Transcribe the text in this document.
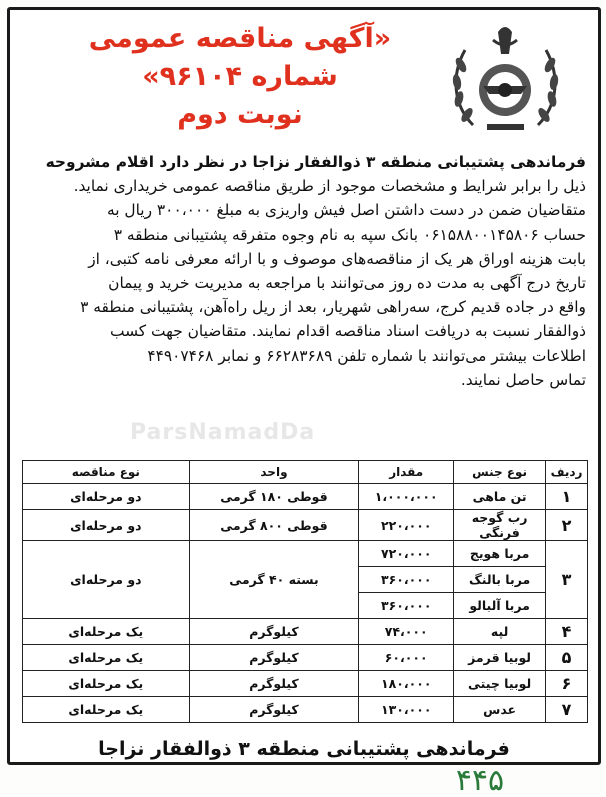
«آگهی مناقصه عمومی
شماره ۹۶۱۰۴»
نوبت دوم
ParsNamadDa
فرماندهی پشتیبانی منطقه ۳ ذوالفقار نزاجا در نظر دارد اقلام مشروحه
ذیل را برابر شرایط و مشخصات موجود از طریق مناقصه عمومی خریداری نماید.
متقاضیان ضمن در دست داشتن اصل فیش واریزی به مبلغ ۳۰۰،۰۰۰ ریال به
حساب ۰۶۱۵۸۸۰۰۱۴۵۸۰۶ بانک سپه به نام وجوه متفرقه پشتیبانی منطقه ۳
بابت هزینه اوراق هر یک از مناقصه‌های موصوف و با ارائه معرفی نامه کتبی، از
تاریخ درج آگهی به مدت ده روز می‌توانند با مراجعه به مدیریت خرید و پیمان
واقع در جاده قدیم کرج، سه‌راهی شهریار، بعد از ریل راه‌آهن، پشتیبانی منطقه ۳
ذوالفقار نسبت به دریافت اسناد مناقصه اقدام نمایند. متقاضیان جهت کسب
اطلاعات بیشتر می‌توانند با شماره تلفن ۶۶۲۸۳۶۸۹ و نمابر ۴۴۹۰۷۴۶۸
تماس حاصل نمایند.
ردیف	نوع جنس	مقدار	واحد	نوع مناقصه
۱	تن ماهی	۱،۰۰۰،۰۰۰	قوطی ۱۸۰ گرمی	دو مرحله‌ای
۲	رب گوجه فرنگی	۲۲۰،۰۰۰	قوطی ۸۰۰ گرمی	دو مرحله‌ای
۳	مربا هویج	۷۲۰،۰۰۰	بسته ۴۰ گرمی	دو مرحله‌ای
	مربا بالنگ	۳۶۰،۰۰۰		
	مربا آلبالو	۳۶۰،۰۰۰		
۴	لپه	۷۴،۰۰۰	کیلوگرم	یک مرحله‌ای
۵	لوبیا قرمز	۶۰،۰۰۰	کیلوگرم	یک مرحله‌ای
۶	لوبیا چیتی	۱۸۰،۰۰۰	کیلوگرم	یک مرحله‌ای
۷	عدس	۱۳۰،۰۰۰	کیلوگرم	یک مرحله‌ای
فرماندهی پشتیبانی منطقه ۳ ذوالفقار نزاجا
۴۴۵
